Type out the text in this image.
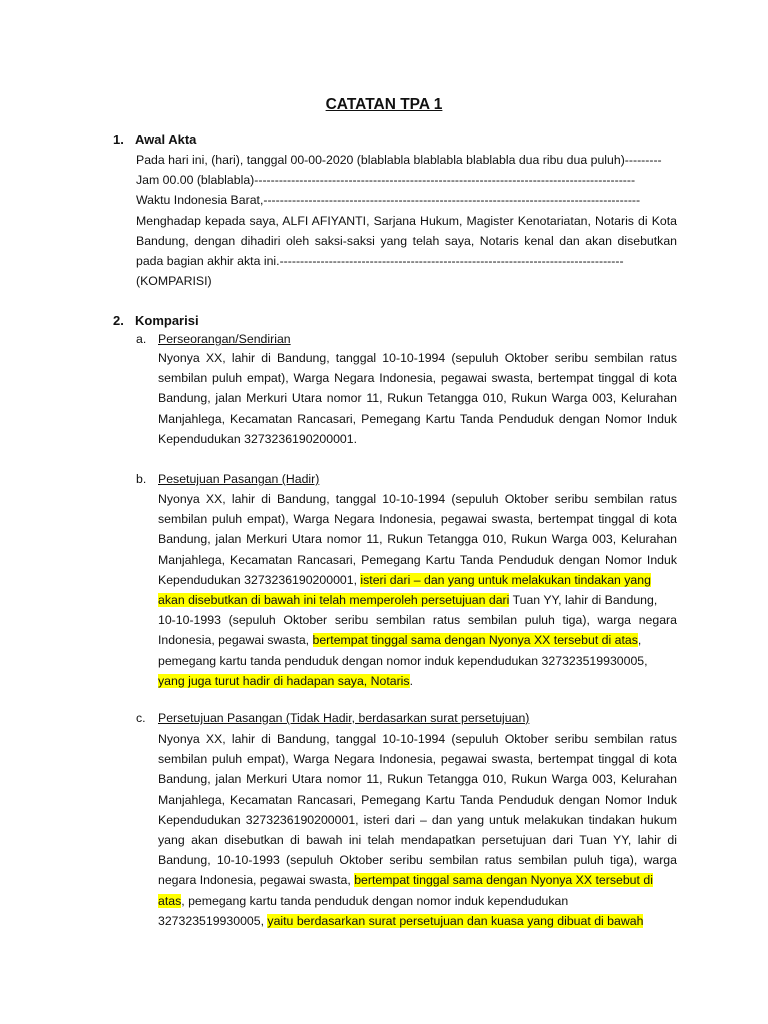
CATATAN TPA 1
1. Awal Akta
Pada hari ini, (hari), tanggal 00-00-2020 (blablabla blablabla blablabla dua ribu dua puluh)---------
Jam 00.00 (blablabla)---------------------------------------------------------------------------------------------
Waktu Indonesia Barat,--------------------------------------------------------------------------------------------
Menghadap kepada saya, ALFI AFIYANTI, Sarjana Hukum, Magister Kenotariatan, Notaris di Kota
Bandung, dengan dihadiri oleh saksi-saksi yang telah saya, Notaris kenal dan akan disebutkan
pada bagian akhir akta ini.------------------------------------------------------------------------------------
(KOMPARISI)
2. Komparisi
a. Perseorangan/Sendirian
Nyonya XX, lahir di Bandung, tanggal 10-10-1994 (sepuluh Oktober seribu sembilan ratus
sembilan puluh empat), Warga Negara Indonesia, pegawai swasta, bertempat tinggal di kota
Bandung, jalan Merkuri Utara nomor 11, Rukun Tetangga 010, Rukun Warga 003, Kelurahan
Manjahlega, Kecamatan Rancasari, Pemegang Kartu Tanda Penduduk dengan Nomor Induk
Kependudukan 3273236190200001.
b. Pesetujuan Pasangan (Hadir)
Nyonya XX, lahir di Bandung, tanggal 10-10-1994 (sepuluh Oktober seribu sembilan ratus
sembilan puluh empat), Warga Negara Indonesia, pegawai swasta, bertempat tinggal di kota
Bandung, jalan Merkuri Utara nomor 11, Rukun Tetangga 010, Rukun Warga 003, Kelurahan
Manjahlega, Kecamatan Rancasari, Pemegang Kartu Tanda Penduduk dengan Nomor Induk
Kependudukan 3273236190200001, isteri dari – dan yang untuk melakukan tindakan yang
akan disebutkan di bawah ini telah memperoleh persetujuan dari Tuan YY, lahir di Bandung,
10-10-1993 (sepuluh Oktober seribu sembilan ratus sembilan puluh tiga), warga negara
Indonesia, pegawai swasta, bertempat tinggal sama dengan Nyonya XX tersebut di atas,
pemegang kartu tanda penduduk dengan nomor induk kependudukan 327323519930005,
yang juga turut hadir di hadapan saya, Notaris.
c. Persetujuan Pasangan (Tidak Hadir, berdasarkan surat persetujuan)
Nyonya XX, lahir di Bandung, tanggal 10-10-1994 (sepuluh Oktober seribu sembilan ratus
sembilan puluh empat), Warga Negara Indonesia, pegawai swasta, bertempat tinggal di kota
Bandung, jalan Merkuri Utara nomor 11, Rukun Tetangga 010, Rukun Warga 003, Kelurahan
Manjahlega, Kecamatan Rancasari, Pemegang Kartu Tanda Penduduk dengan Nomor Induk
Kependudukan 3273236190200001, isteri dari – dan yang untuk melakukan tindakan hukum
yang akan disebutkan di bawah ini telah mendapatkan persetujuan dari Tuan YY, lahir di
Bandung, 10-10-1993 (sepuluh Oktober seribu sembilan ratus sembilan puluh tiga), warga
negara Indonesia, pegawai swasta, bertempat tinggal sama dengan Nyonya XX tersebut di
atas, pemegang kartu tanda penduduk dengan nomor induk kependudukan
327323519930005, yaitu berdasarkan surat persetujuan dan kuasa yang dibuat di bawah
